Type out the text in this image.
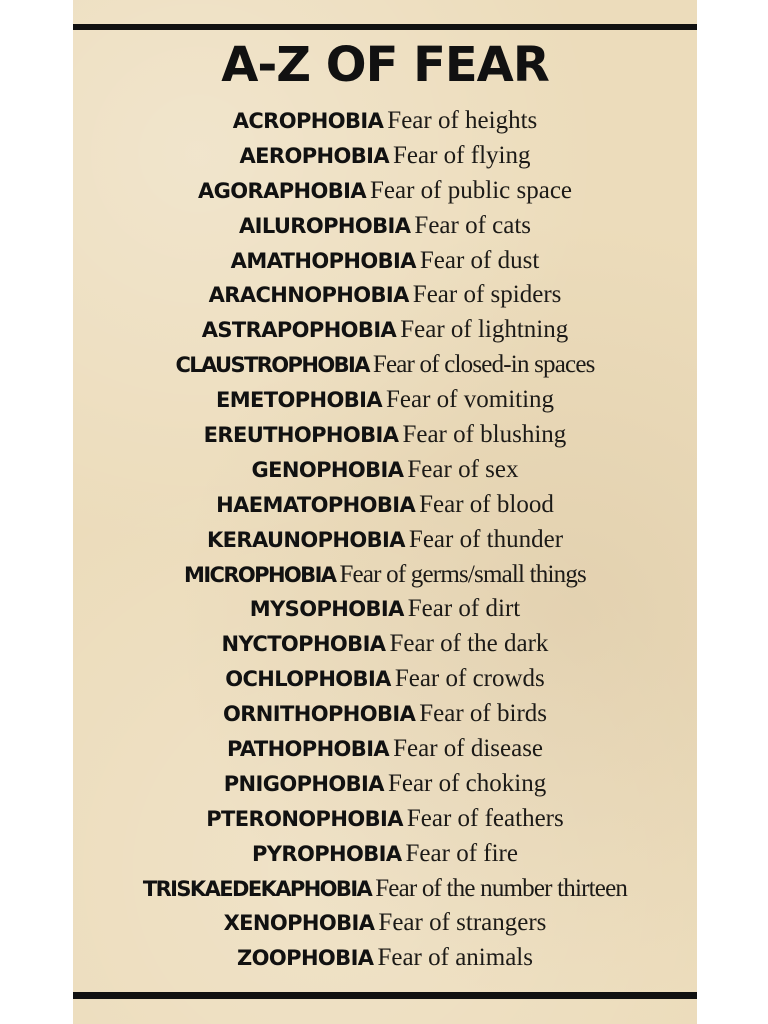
A-Z OF FEAR
ACROPHOBIA Fear of heights
AEROPHOBIA Fear of flying
AGORAPHOBIA Fear of public space
AILUROPHOBIA Fear of cats
AMATHOPHOBIA Fear of dust
ARACHNOPHOBIA Fear of spiders
ASTRAPOPHOBIA Fear of lightning
CLAUSTROPHOBIA Fear of closed-in spaces
EMETOPHOBIA Fear of vomiting
EREUTHOPHOBIA Fear of blushing
GENOPHOBIA Fear of sex
HAEMATOPHOBIA Fear of blood
KERAUNOPHOBIA Fear of thunder
MICROPHOBIA Fear of germs/small things
MYSOPHOBIA Fear of dirt
NYCTOPHOBIA Fear of the dark
OCHLOPHOBIA Fear of crowds
ORNITHOPHOBIA Fear of birds
PATHOPHOBIA Fear of disease
PNIGOPHOBIA Fear of choking
PTERONOPHOBIA Fear of feathers
PYROPHOBIA Fear of fire
TRISKAEDEKAPHOBIA Fear of the number thirteen
XENOPHOBIA Fear of strangers
ZOOPHOBIA Fear of animals
